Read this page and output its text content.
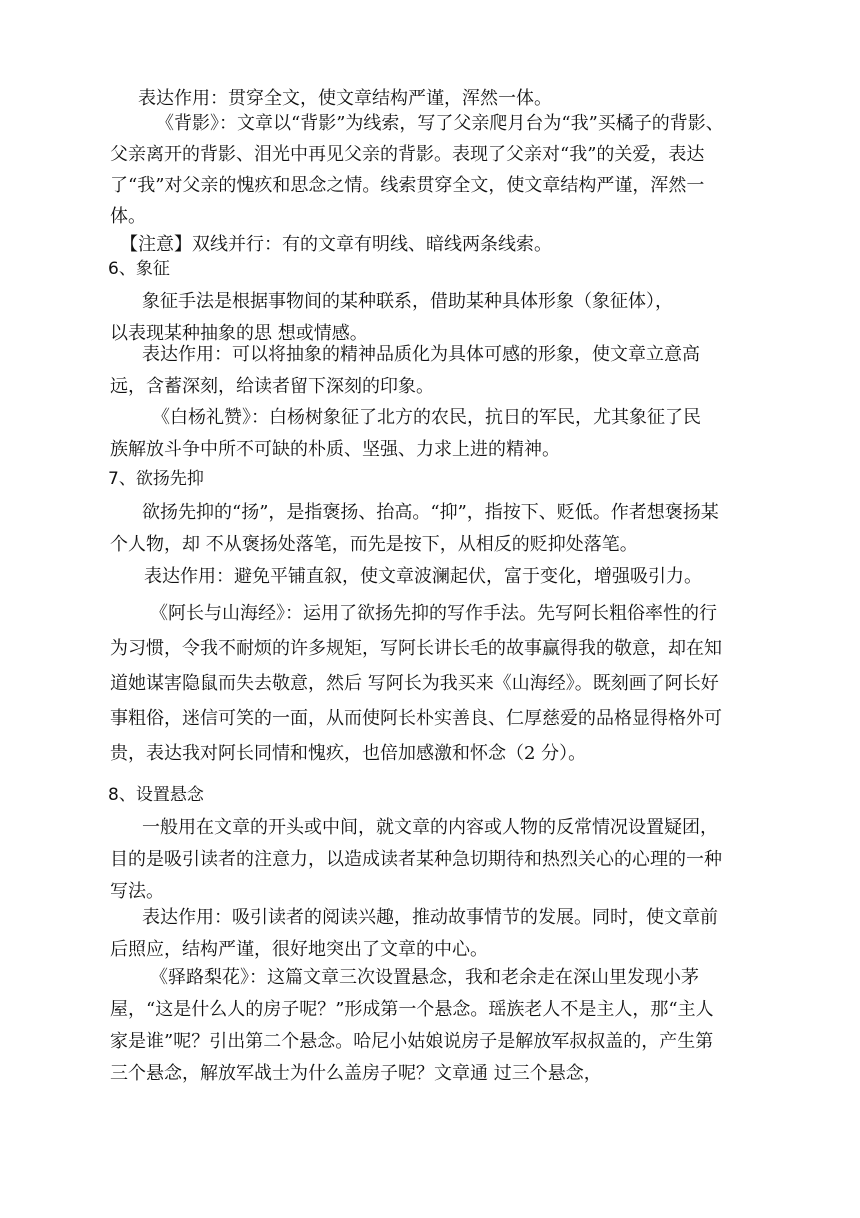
表达作用：贯穿全文，使文章结构严谨，浑然一体。

《背影》：文章以“背影”为线索，写了父亲爬月台为“我”买橘子的背影、父亲离开的背影、泪光中再见父亲的背影。表现了父亲对“我”的关爱，表达了“我”对父亲的愧疚和思念之情。线索贯穿全文，使文章结构严谨，浑然一体。

【注意】双线并行：有的文章有明线、暗线两条线索。

6、象征

象征手法是根据事物间的某种联系，借助某种具体形象（象征体），以表现某种抽象的思 想或情感。

表达作用：可以将抽象的精神品质化为具体可感的形象，使文章立意高远，含蓄深刻，给读者留下深刻的印象。

《白杨礼赞》：白杨树象征了北方的农民，抗日的军民，尤其象征了民族解放斗争中所不可缺的朴质、坚强、力求上进的精神。

7、欲扬先抑

欲扬先抑的“扬”，是指褒扬、抬高。“抑”，指按下、贬低。作者想褒扬某个人物，却 不从褒扬处落笔，而先是按下，从相反的贬抑处落笔。

表达作用：避免平铺直叙，使文章波澜起伏，富于变化，增强吸引力。

《阿长与山海经》：运用了欲扬先抑的写作手法。先写阿长粗俗率性的行为习惯，令我不耐烦的许多规矩，写阿长讲长毛的故事赢得我的敬意，却在知道她谋害隐鼠而失去敬意，然后 写阿长为我买来《山海经》。既刻画了阿长好事粗俗，迷信可笑的一面，从而使阿长朴实善良、仁厚慈爱的品格显得格外可贵，表达我对阿长同情和愧疚，也倍加感激和怀念（2 分）。

8、设置悬念

一般用在文章的开头或中间，就文章的内容或人物的反常情况设置疑团，目的是吸引读者的注意力，以造成读者某种急切期待和热烈关心的心理的一种写法。

表达作用：吸引读者的阅读兴趣，推动故事情节的发展。同时，使文章前后照应，结构严谨，很好地突出了文章的中心。

《驿路梨花》：这篇文章三次设置悬念，我和老余走在深山里发现小茅屋，“这是什么人的房子呢？”形成第一个悬念。瑶族老人不是主人，那“主人家是谁”呢？引出第二个悬念。哈尼小姑娘说房子是解放军叔叔盖的，产生第三个悬念，解放军战士为什么盖房子呢？文章通 过三个悬念，
